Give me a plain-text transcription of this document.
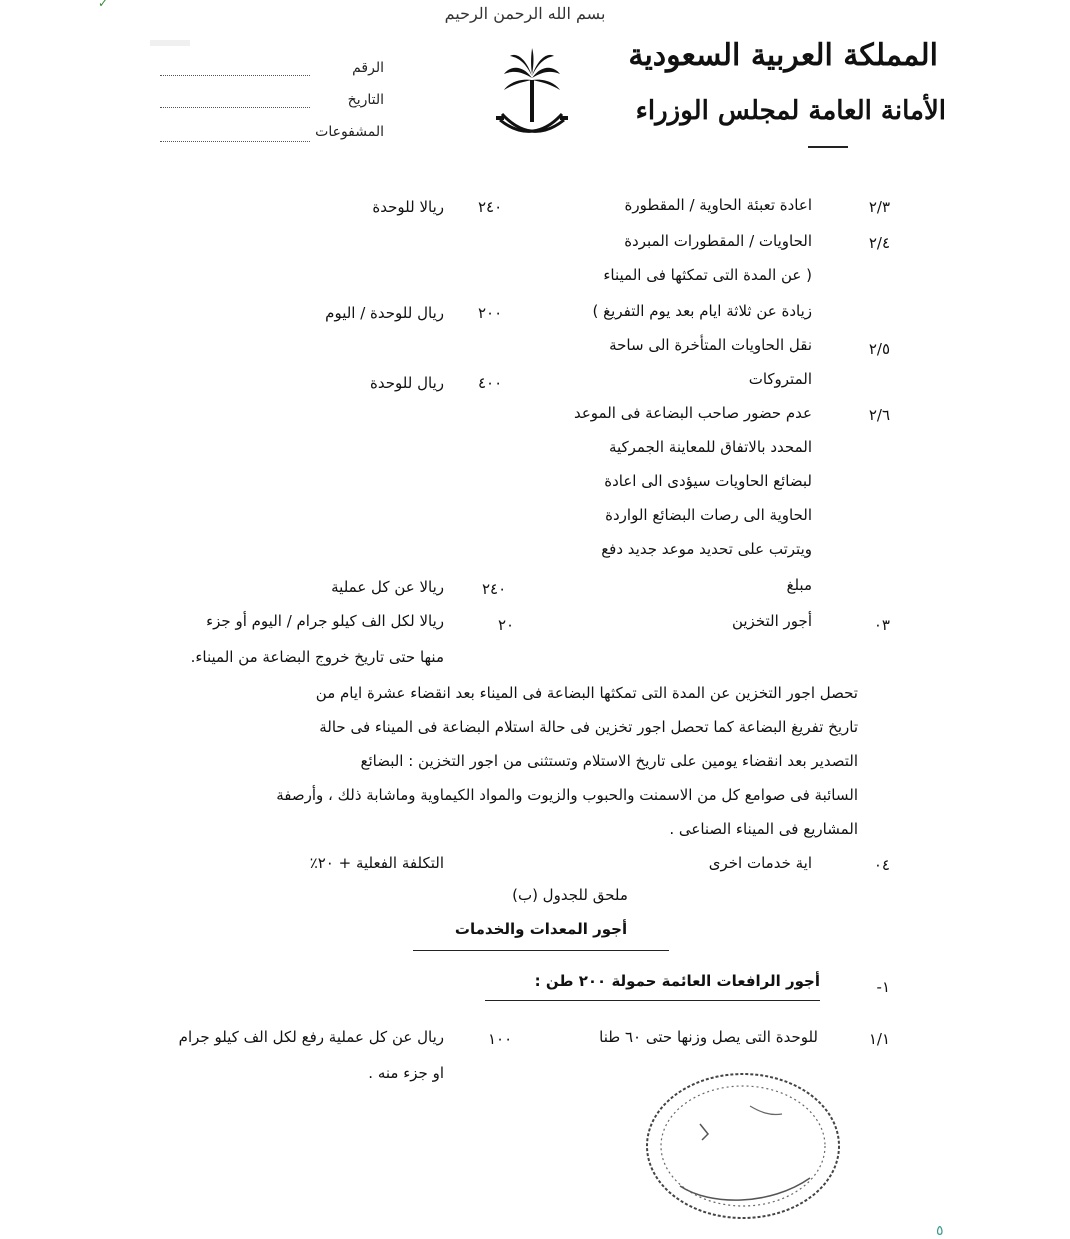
✓
بسم الله الرحمن الرحيم
المملكة العربية السعودية
الأمانة العامة لمجلس الوزراء
الرقم
التاريخ
المشفوعات
٢/٣
اعادة تعبئة الحاوية / المقطورة
٢٤٠
ريالا للوحدة
٢/٤
الحاويات / المقطورات المبردة
( عن المدة التى تمكثها فى الميناء
زيادة عن ثلاثة ايام بعد يوم التفريغ )
٢٠٠
ريال للوحدة / اليوم
٢/٥
نقل الحاويات المتأخرة الى ساحة
المتروكات
٤٠٠
ريال للوحدة
٢/٦
عدم حضور صاحب البضاعة فى الموعد
المحدد بالاتفاق للمعاينة الجمركية
لبضائع الحاويات سيؤدى الى اعادة
الحاوية الى رصات البضائع الواردة
ويترتب على تحديد موعد جديد دفع
مبلغ
٢٤٠
ريالا عن كل عملية
٠٣
أجور التخزين
٢٠
ريالا لكل الف كيلو جرام / اليوم أو جزء
منها حتى تاريخ خروج البضاعة من الميناء.
تحصل اجور التخزين عن المدة التى تمكثها البضاعة فى الميناء بعد انقضاء عشرة ايام من
تاريخ تفريغ البضاعة كما تحصل اجور تخزين فى حالة استلام البضاعة فى الميناء فى حالة
التصدير بعد انقضاء يومين على تاريخ الاستلام وتستثنى من اجور التخزين : البضائع
السائبة فى صوامع كل من الاسمنت والحبوب والزيوت والمواد الكيماوية وماشابة ذلك ، وأرصفة
المشاريع فى الميناء الصناعى .
٠٤
اية خدمات اخرى
التكلفة الفعلية + ٢٠٪
ملحق للجدول (ب)
أجور المعدات والخدمات
-١
أجور الرافعات العائمة حمولة ٢٠٠ طن :
١/١
للوحدة التى يصل وزنها حتى ٦٠ طنا
١٠٠
ريال عن كل عملية رفع لكل الف كيلو جرام
او جزء منه .
٥
